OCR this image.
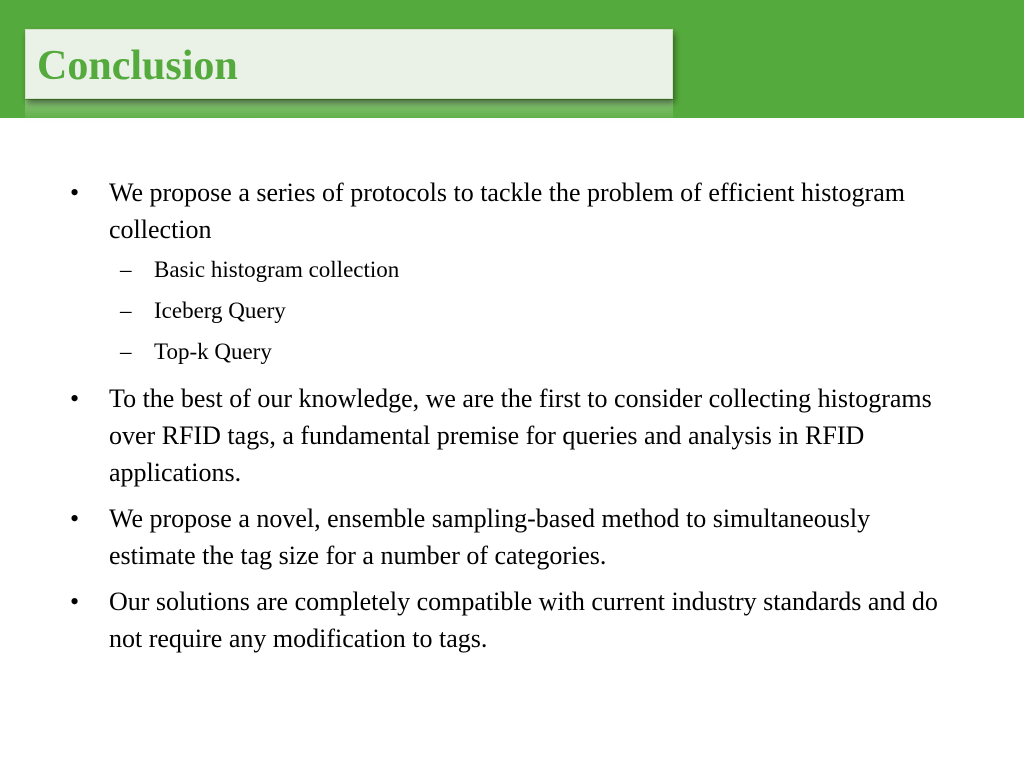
Conclusion
•	We propose a series of protocols to tackle the problem of efficient histogram collection
– Basic histogram collection
– Iceberg Query
– Top-k Query
•	To the best of our knowledge, we are the first to consider collecting histograms over RFID tags, a fundamental premise for queries and analysis in RFID applications.
•	We propose a novel, ensemble sampling-based method to simultaneously estimate the tag size for a number of categories.
•	Our solutions are completely compatible with current industry standards and do not require any modification to tags.
